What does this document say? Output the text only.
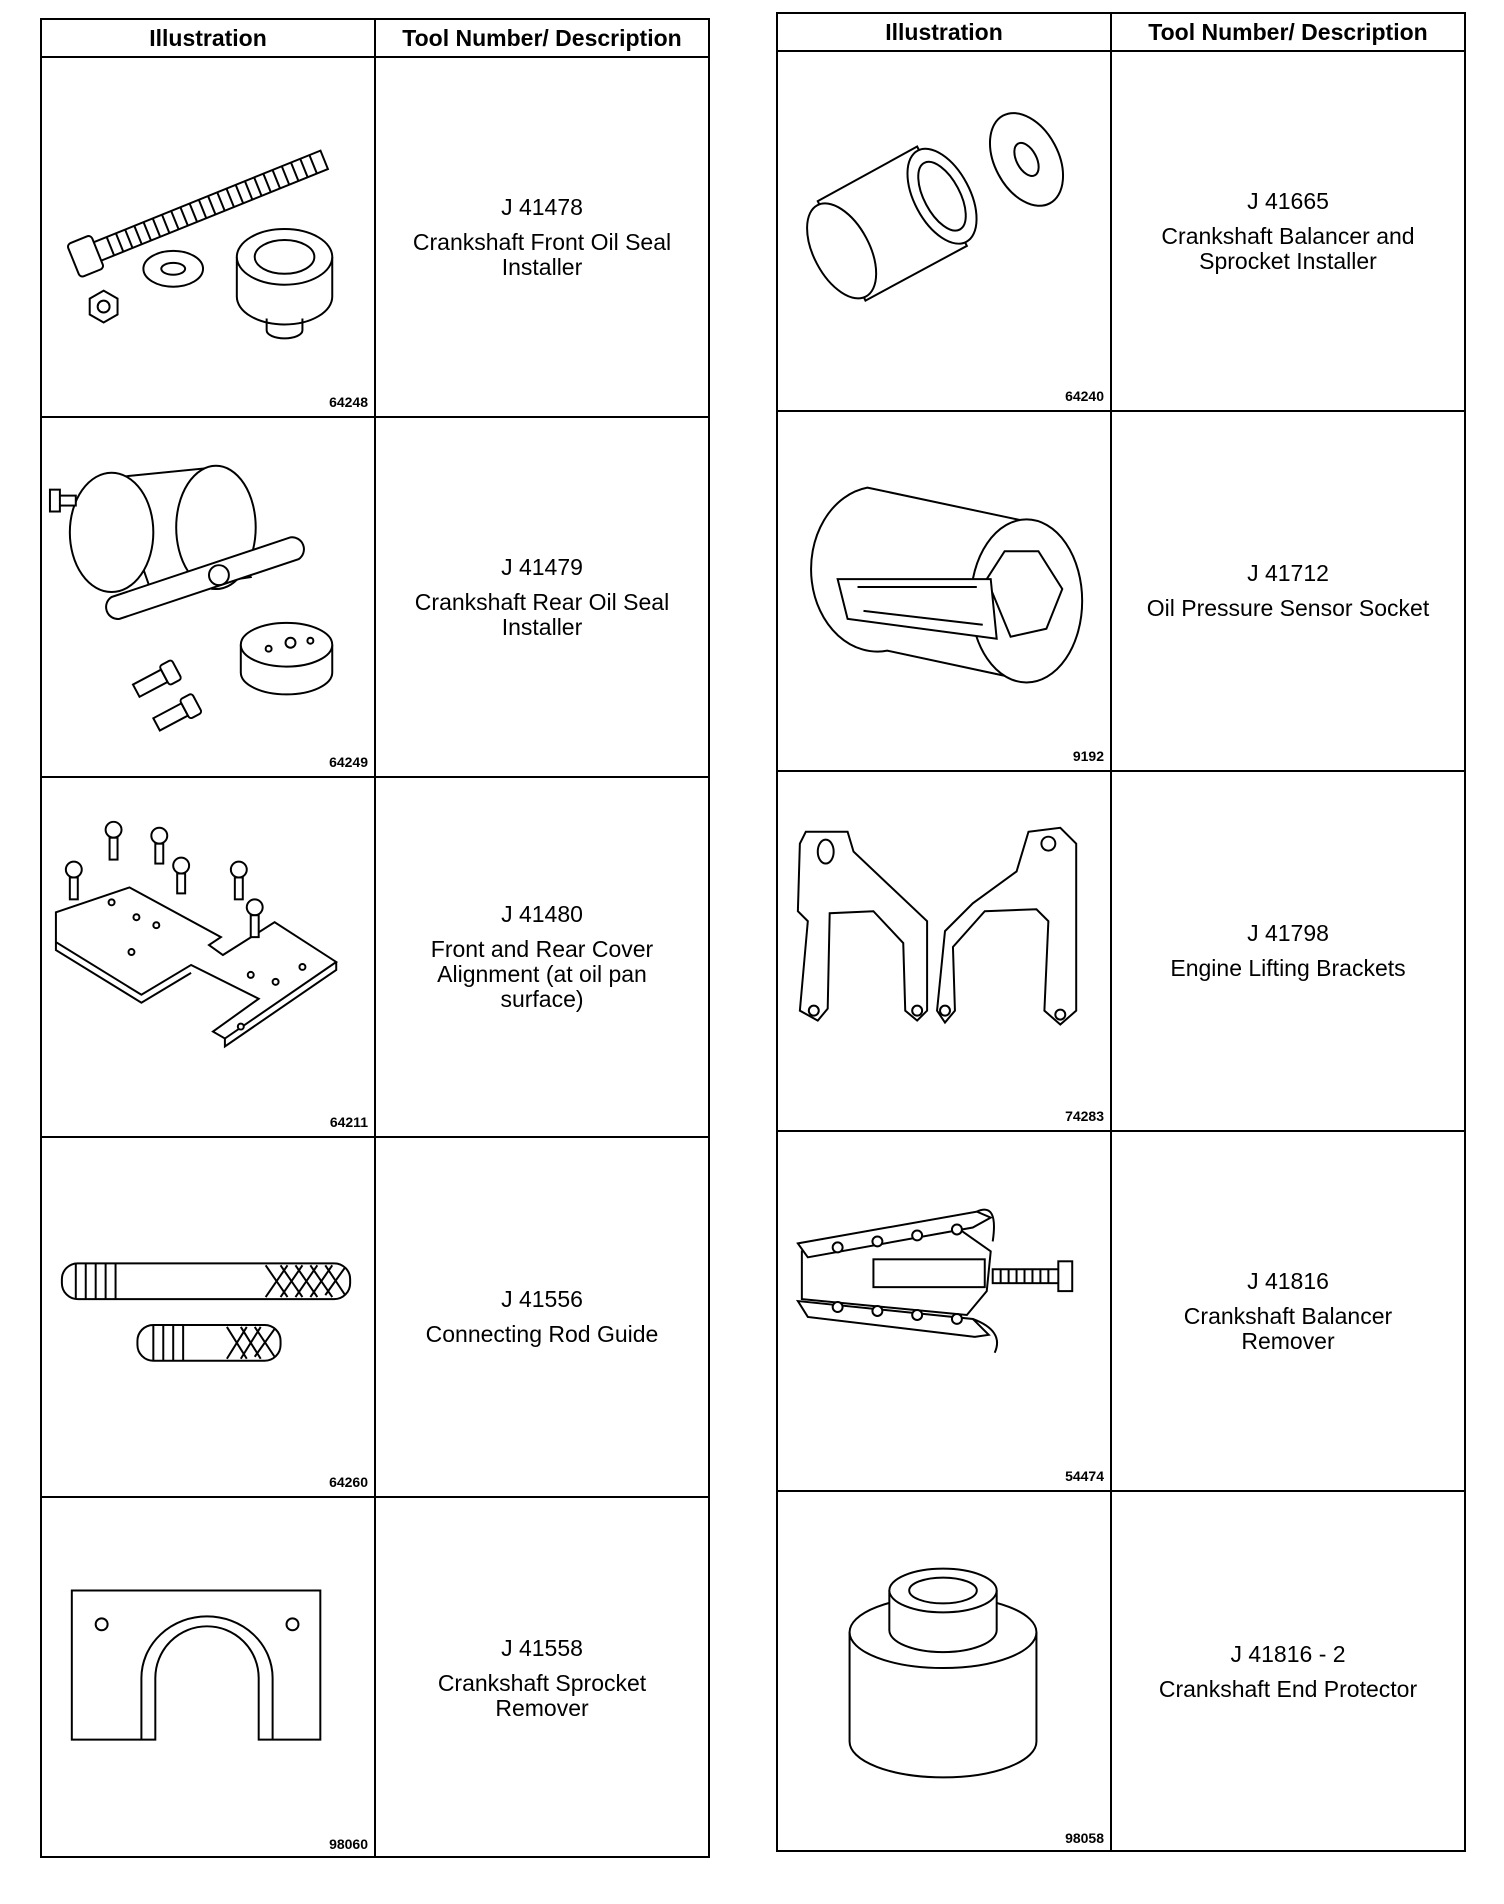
Illustration	Tool Number/ Description
64248
J 41478
Crankshaft Front Oil Seal
Installer
64249
J 41479
Crankshaft Rear Oil Seal
Installer
64211
J 41480
Front and Rear Cover
Alignment (at oil pan
surface)
64260
J 41556
Connecting Rod Guide
98060
J 41558
Crankshaft Sprocket
Remover
Illustration	Tool Number/ Description
64240
J 41665
Crankshaft Balancer and
Sprocket Installer
9192
J 41712
Oil Pressure Sensor Socket
74283
J 41798
Engine Lifting Brackets
54474
J 41816
Crankshaft Balancer
Remover
98058
J 41816 - 2
Crankshaft End Protector
